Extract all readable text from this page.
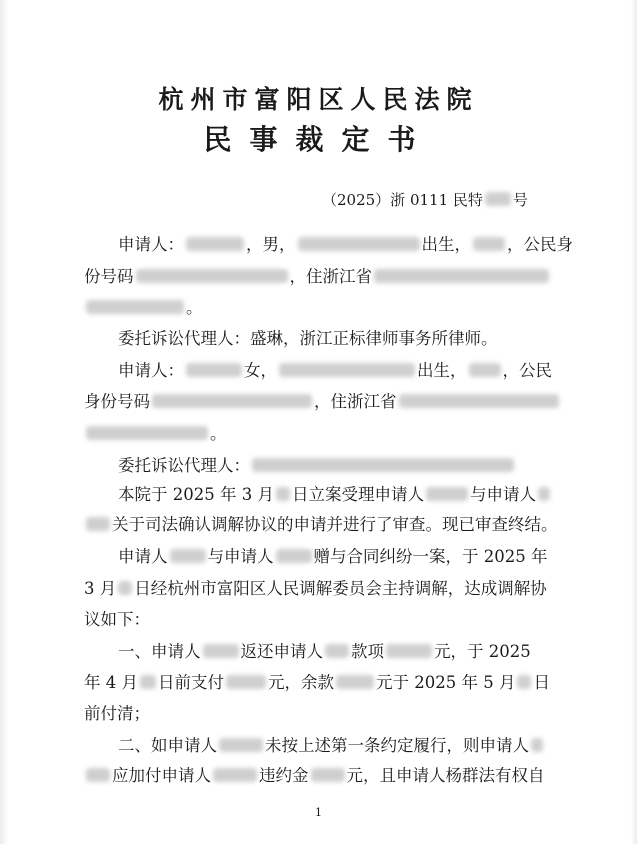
杭州市富阳区人民法院
民事裁定书
（2025）浙 0111 民特 号
申请人：	，男，	出生， ，公民身
份号码	，住浙江省
。
委托诉讼代理人：盛琳，浙江正标律师事务所律师。
申请人：	女，	出生， ，公民
身份号码	，住浙江省
。
委托诉讼代理人：
本院于 2025 年 3 月 日立案受理申请人	与申请人
关于司法确认调解协议的申请并进行了审查。现已审查终结。
申请人 与申请人 赠与合同纠纷一案，于 2025 年
3 月 日经杭州市富阳区人民调解委员会主持调解，达成调解协
议如下：
一、申请人 返还申请人 款项	元，于 2025
年 4 月 日前支付	元，余款	元于 2025 年 5 月 日
前付清；
二、如申请人	未按上述第一条约定履行，则申请人
应加付申请人	违约金 元，且申请人杨群法有权自
1
